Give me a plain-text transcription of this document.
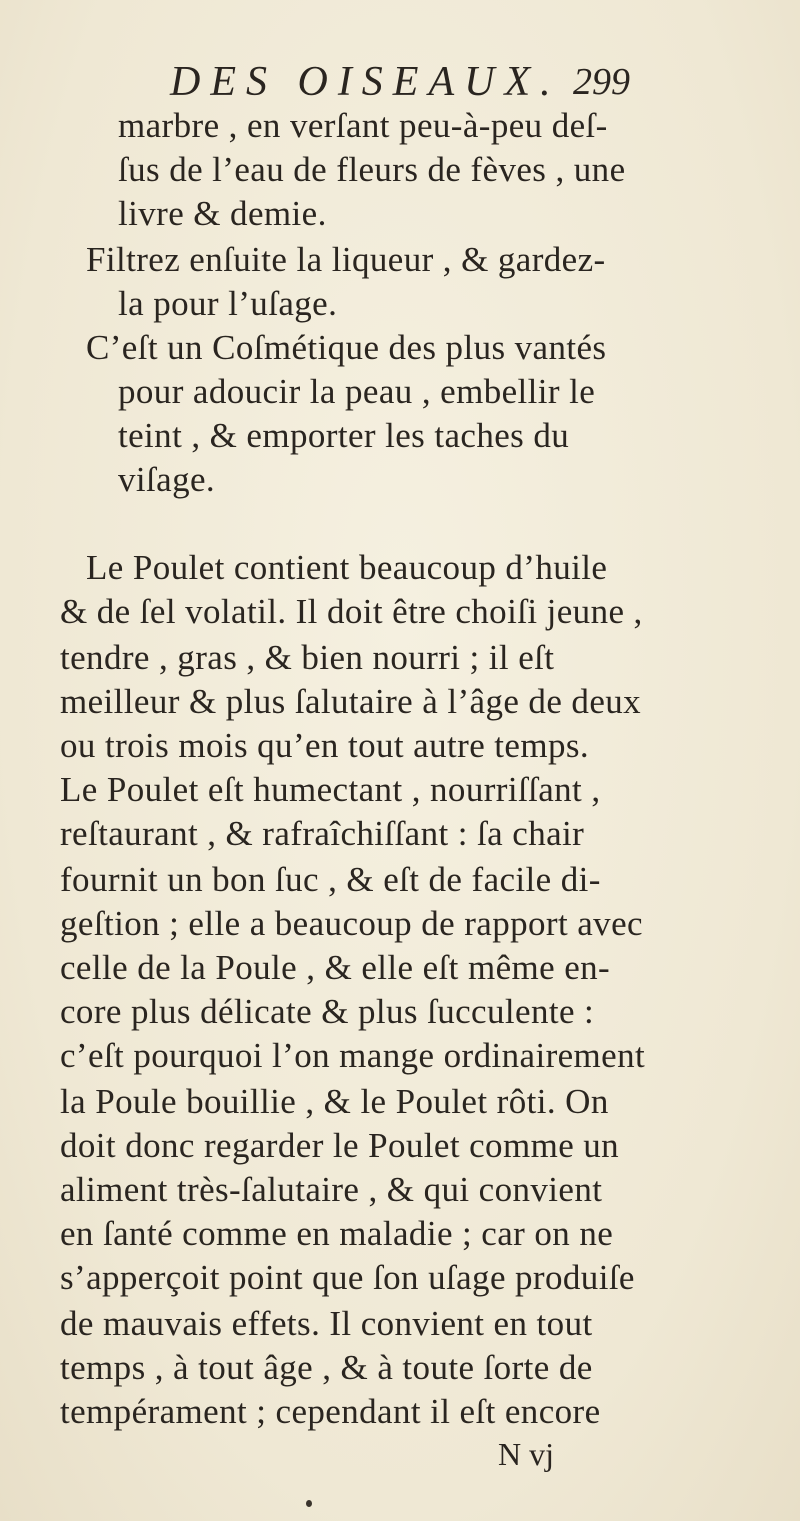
DES OISEAUX. 299
marbre , en verſant peu-à-peu deſ-
ſus de l’eau de fleurs de fèves , une
livre & demie.
Filtrez enſuite la liqueur , & gardez-
la pour l’uſage.
C’eſt un Coſmétique des plus vantés
pour adoucir la peau , embellir le
teint , & emporter les taches du
viſage.
Le Poulet contient beaucoup d’huile
& de ſel volatil. Il doit être choiſi jeune ,
tendre , gras , & bien nourri ; il eſt
meilleur & plus ſalutaire à l’âge de deux
ou trois mois qu’en tout autre temps.
Le Poulet eſt humectant , nourriſſant ,
reſtaurant , & rafraîchiſſant : ſa chair
fournit un bon ſuc , & eſt de facile di-
geſtion ; elle a beaucoup de rapport avec
celle de la Poule , & elle eſt même en-
core plus délicate & plus ſucculente :
c’eſt pourquoi l’on mange ordinairement
la Poule bouillie , & le Poulet rôti. On
doit donc regarder le Poulet comme un
aliment très-ſalutaire , & qui convient
en ſanté comme en maladie ; car on ne
s’apperçoit point que ſon uſage produiſe
de mauvais effets. Il convient en tout
temps , à tout âge , & à toute ſorte de
tempérament ; cependant il eſt encore
N vj
